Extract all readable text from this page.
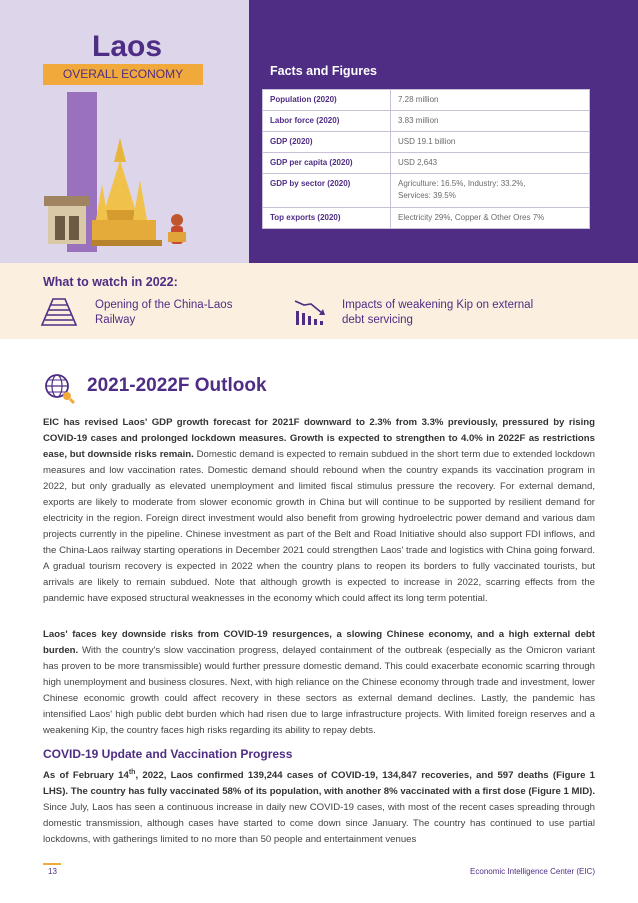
Laos
OVERALL ECONOMY	Facts and Figures
Population (2020)	7.28 million
Labor force (2020)	3.83 million
GDP (2020)	USD 19.1 billion
GDP per capita (2020)	USD 2,643
GDP by sector (2020)	Agriculture: 16.5%, Industry: 33.2%,
Services: 39.5%
Top exports (2020)	Electricity 29%, Copper & Other Ores 7%
What to watch in 2022:
Opening of the China-Laos
Railway
Impacts of weakening Kip on external
debt servicing
2021-2022F Outlook
EIC has revised Laos' GDP growth forecast for 2021F downward to 2.3% from 3.3% previously, pressured by rising COVID-19 cases and prolonged lockdown measures. Growth is expected to strengthen to 4.0% in 2022F as restrictions ease, but downside risks remain. Domestic demand is expected to remain subdued in the short term due to extended lockdown measures and low vaccination rates. Domestic demand should rebound when the country expands its vaccination program in 2022, but only gradually as elevated unemployment and limited fiscal stimulus pressure the recovery. For external demand, exports are likely to moderate from slower economic growth in China but will continue to be supported by resilient demand for electricity in the region. Foreign direct investment would also benefit from growing hydroelectric power demand and various dam projects currently in the pipeline. Chinese investment as part of the Belt and Road Initiative should also support FDI inflows, and the China-Laos railway starting operations in December 2021 could strengthen Laos' trade and logistics with China going forward. A gradual tourism recovery is expected in 2022 when the country plans to reopen its borders to fully vaccinated tourists, but arrivals are likely to remain subdued. Note that although growth is expected to increase in 2022, scarring effects from the pandemic have exposed structural weaknesses in the economy which could affect its long term potential.
Laos' faces key downside risks from COVID-19 resurgences, a slowing Chinese economy, and a high external debt burden. With the country's slow vaccination progress, delayed containment of the outbreak (especially as the Omicron variant has proven to be more transmissible) would further pressure domestic demand. This could exacerbate economic scarring through high unemployment and business closures. Next, with high reliance on the Chinese economy through trade and investment, lower Chinese economic growth could affect recovery in these sectors as external demand declines. Lastly, the pandemic has intensified Laos' high public debt burden which had risen due to large infrastructure projects. With limited foreign reserves and a weakening Kip, the country faces high risks regarding its ability to repay debts.
COVID-19 Update and Vaccination Progress
As of February 14th, 2022, Laos confirmed 139,244 cases of COVID-19, 134,847 recoveries, and 597 deaths (Figure 1 LHS). The country has fully vaccinated 58% of its population, with another 8% vaccinated with a first dose (Figure 1 MID). Since July, Laos has seen a continuous increase in daily new COVID-19 cases, with most of the recent cases spreading through domestic transmission, although cases have started to come down since January. The country has continued to use partial lockdowns, with gatherings limited to no more than 50 people and entertainment venues
13	Economic Intelligence Center (EIC)
